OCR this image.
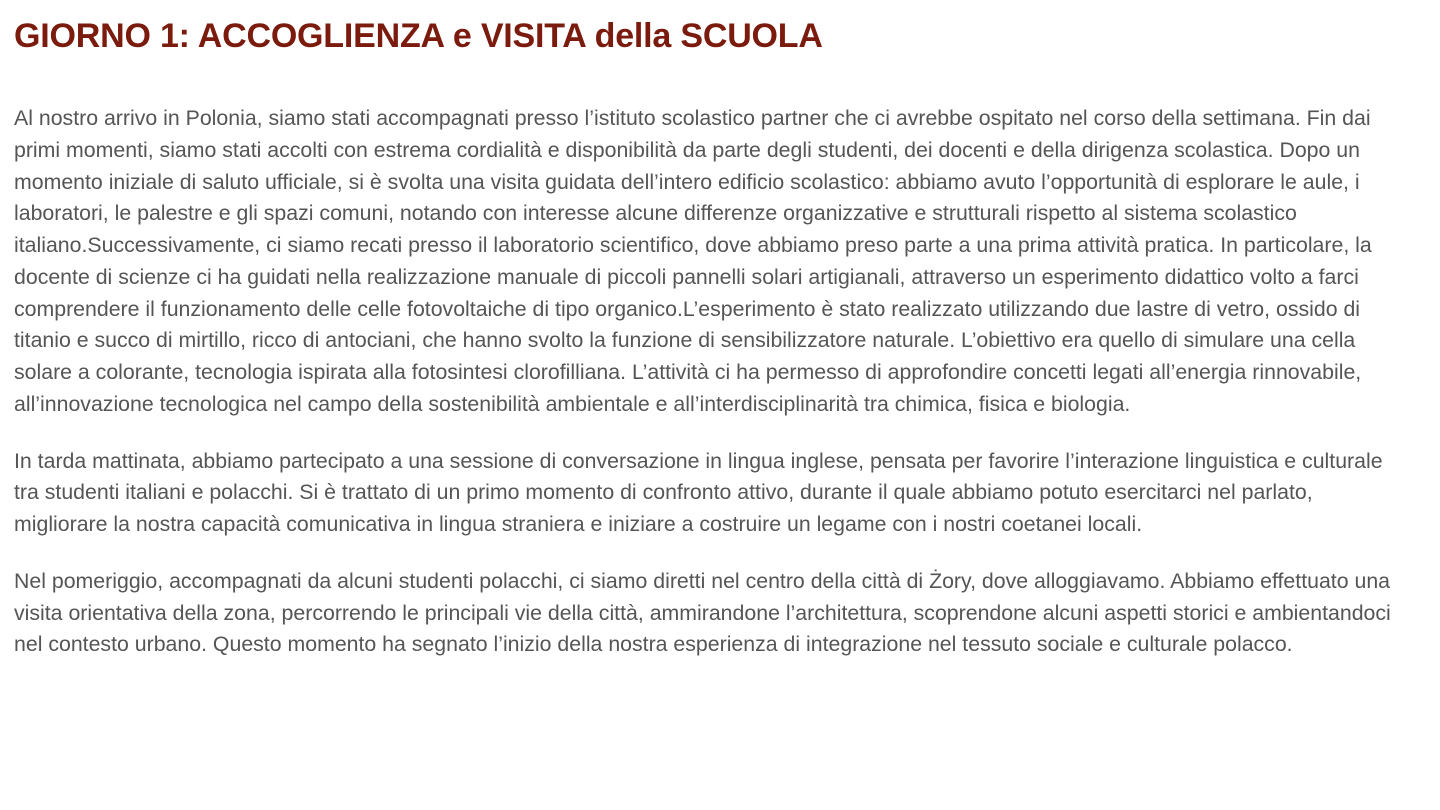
GIORNO 1: ACCOGLIENZA e VISITA della SCUOLA

Al nostro arrivo in Polonia, siamo stati accompagnati presso l’istituto scolastico partner che ci avrebbe ospitato nel corso della settimana. Fin dai primi momenti, siamo stati accolti con estrema cordialità e disponibilità da parte degli studenti, dei docenti e della dirigenza scolastica. Dopo un momento iniziale di saluto ufficiale, si è svolta una visita guidata dell’intero edificio scolastico: abbiamo avuto l’opportunità di esplorare le aule, i laboratori, le palestre e gli spazi comuni, notando con interesse alcune differenze organizzative e strutturali rispetto al sistema scolastico italiano.Successivamente, ci siamo recati presso il laboratorio scientifico, dove abbiamo preso parte a una prima attività pratica. In particolare, la docente di scienze ci ha guidati nella realizzazione manuale di piccoli pannelli solari artigianali, attraverso un esperimento didattico volto a farci comprendere il funzionamento delle celle fotovoltaiche di tipo organico.L’esperimento è stato realizzato utilizzando due lastre di vetro, ossido di titanio e succo di mirtillo, ricco di antociani, che hanno svolto la funzione di sensibilizzatore naturale. L’obiettivo era quello di simulare una cella solare a colorante, tecnologia ispirata alla fotosintesi clorofilliana. L’attività ci ha permesso di approfondire concetti legati all’energia rinnovabile, all’innovazione tecnologica nel campo della sostenibilità ambientale e all’interdisciplinarità tra chimica, fisica e biologia.

In tarda mattinata, abbiamo partecipato a una sessione di conversazione in lingua inglese, pensata per favorire l’interazione linguistica e culturale tra studenti italiani e polacchi. Si è trattato di un primo momento di confronto attivo, durante il quale abbiamo potuto esercitarci nel parlato, migliorare la nostra capacità comunicativa in lingua straniera e iniziare a costruire un legame con i nostri coetanei locali.

Nel pomeriggio, accompagnati da alcuni studenti polacchi, ci siamo diretti nel centro della città di Żory, dove alloggiavamo. Abbiamo effettuato una visita orientativa della zona, percorrendo le principali vie della città, ammirandone l’architettura, scoprendone alcuni aspetti storici e ambientandoci nel contesto urbano. Questo momento ha segnato l’inizio della nostra esperienza di integrazione nel tessuto sociale e culturale polacco.
